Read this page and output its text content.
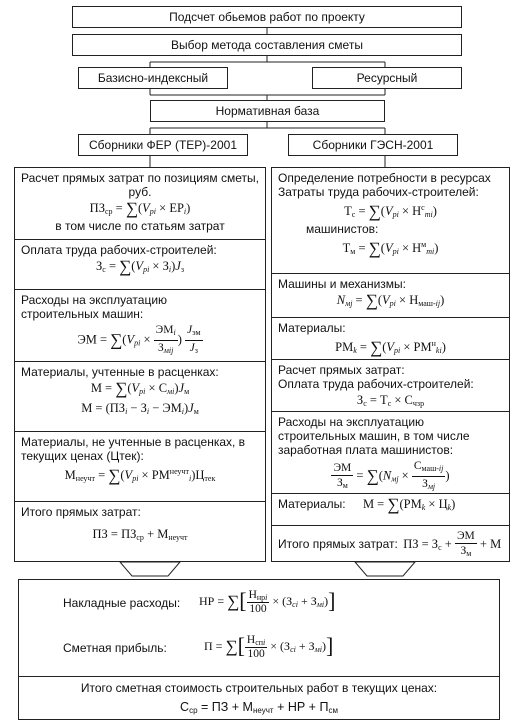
Подсчет обьемов работ по проекту
Выбор метода составления сметы
Базисно-индексный	Ресурсный
Нормативная база
Сборники ФЕР (ТЕР)-2001	Сборники ГЭСН-2001
Расчет прямых затрат по позициям сметы, руб.
$ПЗ_{ср} = \sum(V_{pi} \times ЕР_i)$
в том числе по статьям затрат
Оплата труда рабочих-строителей:
$З_с = \sum(V_{pi} \times З_i)J_з$
Расходы на эксплуатацию строительных машин:
ЭМ = $\sum(V_{pi}$ ×
$ЭМ_i$
$З_{мij}$
)
$J_{эм}$
$J_з$
Материалы, учтенные в расценках:
$М = \sum(V_{pi} \times С_{мi})J_м$
$М = (ПЗ_i - З_i - ЭМ_i)J_м$
Материалы, не учтенные в расценках, в текущих ценах (Цтек):
$М_{неучт} = \sum(V_{pi} \times РМ^{неучт}_i)Ц_{тек}$
Итого прямых затрат:
ПЗ = $ПЗ_{ср} + М_{неучт}$
Определение потребности в ресурсах
Затраты труда рабочих-строителей:
$Т_с = \sum(V_{pi} \times Н^с_{тi})$
машинистов:
$Т_м = \sum(V_{pi} \times Н^м_{тi})$
Машины и механизмы:
$N_{мj} = \sum(V_{pi} \times Н_{маш-ij})$
Материалы:
$РМ_k = \sum(V_{pi} \times РМ^н_{ki})$
Расчет прямых затрат:
Оплата труда рабочих-строителей:
$З_с = Т_с \times С_{чзр}$
Расходы на эксплуатацию строительных машин, в том числе заработная плата машинистов:
ЭМ
$З_м$
= $\sum(N_{мj}$ ×
$С_{маш-ij}$
$З_{мj}$
)
Материалы: $М = \sum(РМ_k \times Ц_k)$
Итого прямых затрат: ПЗ = $З_с$ +
ЭМ
$З_м$
+ М
Накладные расходы: НР = ∑[ $Н_{нрi}$
100
× $(З_{ci} + З_{мi})$]
Сметная прибыль:	П = ∑[ $Н_{спi}$
100
× $(З_{ci} + З_{мi})$]
Итого сметная стоимость строительных работ в текущих ценах:
$С_{ср}$ = ПЗ + $М_{неучт}$ + НР + $П_{см}$
